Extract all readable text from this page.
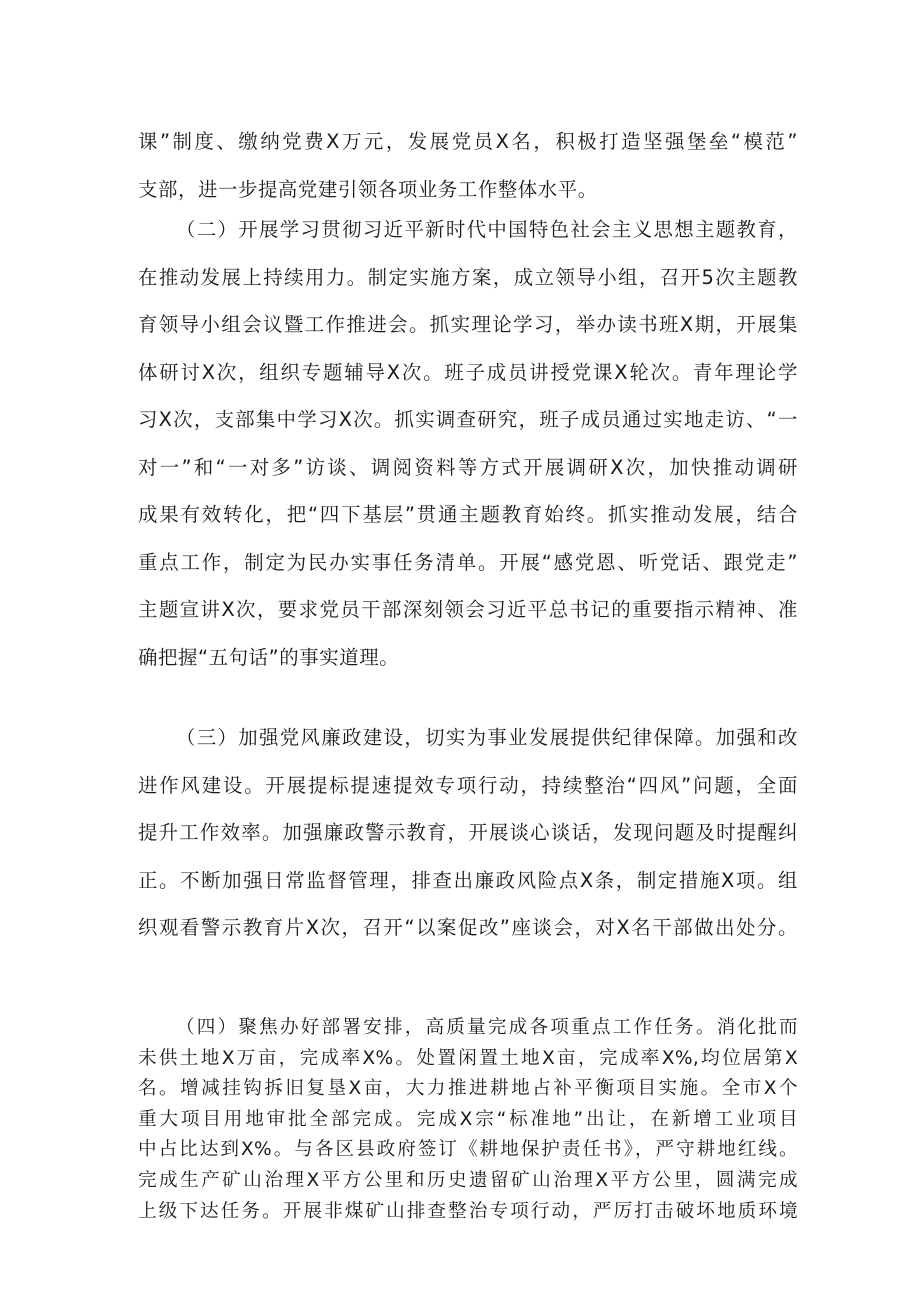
课”制度、缴纳党费X万元，发展党员X名，积极打造坚强堡垒“模范”
支部，进一步提高党建引领各项业务工作整体水平。
（二）开展学习贯彻习近平新时代中国特色社会主义思想主题教育，
在推动发展上持续用力。制定实施方案，成立领导小组，召开5次主题教
育领导小组会议暨工作推进会。抓实理论学习，举办读书班X期，开展集
体研讨X次，组织专题辅导X次。班子成员讲授党课X轮次。青年理论学
习X次，支部集中学习X次。抓实调查研究，班子成员通过实地走访、“一
对一”和“一对多”访谈、调阅资料等方式开展调研X次，加快推动调研
成果有效转化，把“四下基层”贯通主题教育始终。抓实推动发展，结合
重点工作，制定为民办实事任务清单。开展“感党恩、听党话、跟党走”
主题宣讲X次，要求党员干部深刻领会习近平总书记的重要指示精神、准
确把握“五句话”的事实道理。
（三）加强党风廉政建设，切实为事业发展提供纪律保障。加强和改
进作风建设。开展提标提速提效专项行动，持续整治“四风”问题，全面
提升工作效率。加强廉政警示教育，开展谈心谈话，发现问题及时提醒纠
正。不断加强日常监督管理，排查出廉政风险点X条，制定措施X项。组
织观看警示教育片X次，召开“以案促改”座谈会，对X名干部做出处分。
（四）聚焦办好部署安排，高质量完成各项重点工作任务。消化批而
未供土地X万亩，完成率X%。处置闲置土地X亩，完成率X%,均位居第X
名。增减挂钩拆旧复垦X亩，大力推进耕地占补平衡项目实施。全市X个
重大项目用地审批全部完成。完成X宗“标准地”出让，在新增工业项目
中占比达到X%。与各区县政府签订《耕地保护责任书》，严守耕地红线。
完成生产矿山治理X平方公里和历史遗留矿山治理X平方公里，圆满完成
上级下达任务。开展非煤矿山排查整治专项行动，严厉打击破坏地质环境
